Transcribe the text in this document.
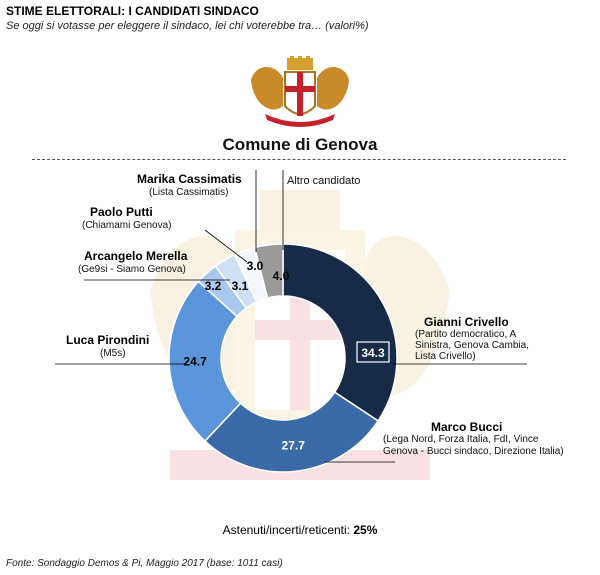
STIME ELETTORALI: I CANDIDATI SINDACO
Se oggi si votasse per eleggere il sindaco, lei chi voterebbe tra… (valori%)
Comune di Genova
34.3
27.7
24.7
3.2 3.1
3.0
4.0
Gianni Crivello
(Partito democratico, A
Sinistra, Genova Cambia,
Lista Crivello)
Marco Bucci
(Lega Nord, Forza Italia, FdI, Vince
Genova - Bucci sindaco, Direzione Italia)
Luca Pirondini
(M5s)
Arcangelo Merella
(Ge9si - Siamo Genova)
Paolo Putti
(Chiamami Genova)
Marika Cassimatis
(Lista Cassimatis)
Altro candidato
Astenuti/incerti/reticenti: 25%
Fonte: Sondaggio Demos & Pi, Maggio 2017 (base: 1011 casi)
